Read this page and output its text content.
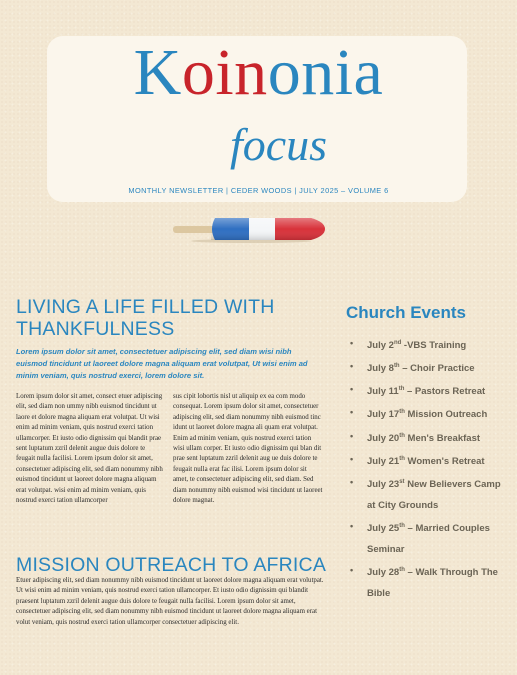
Koinonia
focus
MONTHLY NEWSLETTER | CEDER WOODS | JULY 2025 – VOLUME 6
LIVING A LIFE FILLED WITH
THANKFULNESS
Lorem ipsum dolor sit amet, consectetuer adipiscing elit, sed diam wisi nibh euismod tincidunt ut laoreet dolore magna aliquam erat volutpat, Ut wisi enim ad minim veniam, quis nostrud exerci, lorem dolore sit.
Lorem ipsum dolor sit amet, consect etuer adipiscing elit, sed diam non ummy nibh euismod tincidunt ut laore et dolore magna aliquam erat volutpat. Ut wisi enim ad minim veniam, quis nostrud exerci tation ullamcorper. Et iusto odio dignissim qui blandit prae sent luptatum zzril delenit augue duis dolore te feugait nulla facilisi. Lorem ipsum dolor sit amet, consectetuer adipiscing elit, sed diam nonummy nibh euismod tincidunt ut laoreet dolore magna aliquam erat volutpat. wisi enim ad minim veniam, quis nostrud exerci tation ullamcorper
sus cipit lobortis nisl ut aliquip ex ea com modo consequat. Lorem ipsum dolor sit amet, consectetuer adipiscing elit, sed diam nonummy nibh euismod tinc idunt ut laoreet dolore magna ali quam erat volutpat. Enim ad minim veniam, quis nostrud exerci tation wisi ullam corper. Et iusto odio dignissim qui blan dit prae sent luptatum zzril delenit aug ue duis dolore te feugait nulla erat fac ilisi. Lorem ipsum dolor sit amet, te consectetuer adipiscing elit, sed diam. Sed diam nonummy nibh euismod wisi tincidunt ut laoreet dolore magnat.
MISSION OUTREACH TO AFRICA
Etuer adipiscing elit, sed diam nonummy nibh euismod tincidunt ut laoreet dolore magna aliquam erat volutpat. Ut wisi enim ad minim veniam, quis nostrud exerci tation ullamcorper. Et iusto odio dignissim qui blandit praesent luptatum zzril delenit augue duis dolore te feugait nulla facilisi. Lorem ipsum dolor sit amet, consectetuer adipiscing elit, sed diam nonummy nibh euismod tincidunt ut laoreet dolore magna aliquam erat volut veniam, quis nostrud exerci tation ullamcorper consectetuer adipiscing elit.
Church Events
• July 2nd -VBS Training
• July 8th – Choir Practice
• July 11th – Pastors Retreat
• July 17th Mission Outreach
• July 20th Men's Breakfast
• July 21th Women's Retreat
• July 23st New Believers Camp at City Grounds
• July 25th – Married Couples Seminar
• July 28th – Walk Through The Bible
